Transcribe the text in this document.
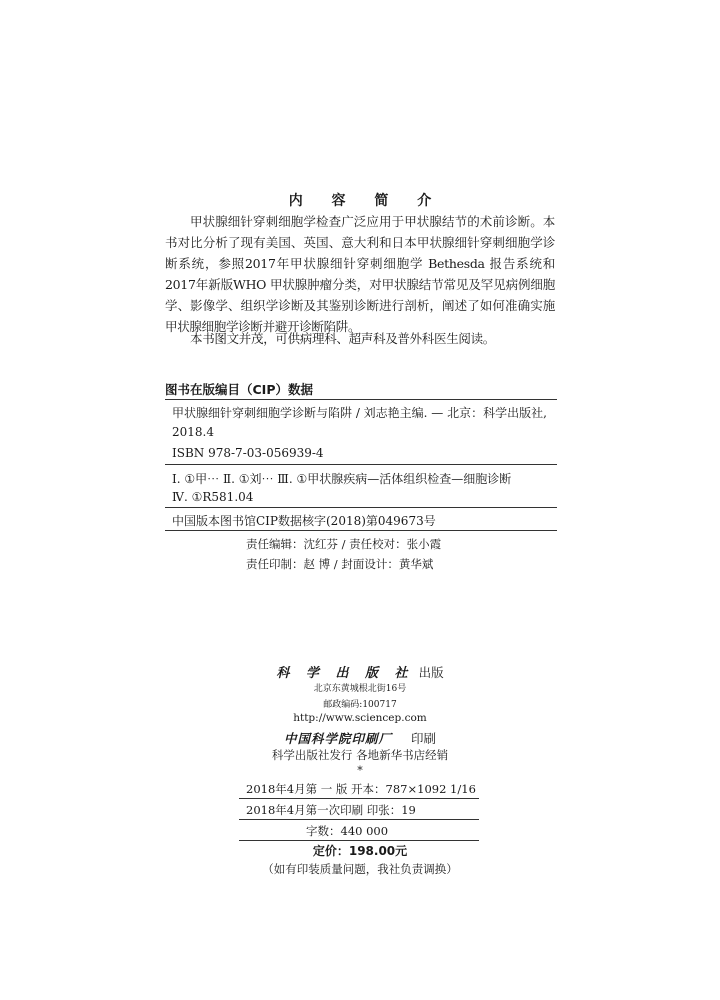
内 容 简 介
甲状腺细针穿刺细胞学检查广泛应用于甲状腺结节的术前诊断。本书对比分析了现有美国、英国、意大利和日本甲状腺细针穿刺细胞学诊断系统，参照2017年甲状腺细针穿刺细胞学 Bethesda 报告系统和2017年新版WHO 甲状腺肿瘤分类，对甲状腺结节常见及罕见病例细胞学、影像学、组织学诊断及其鉴别诊断进行剖析，阐述了如何准确实施甲状腺细胞学诊断并避开诊断陷阱。
本书图文并茂，可供病理科、超声科及普外科医生阅读。
图书在版编目（CIP）数据
甲状腺细针穿刺细胞学诊断与陷阱 / 刘志艳主编. — 北京：科学出版社,
2018.4
ISBN 978-7-03-056939-4
Ⅰ. ①甲⋯ Ⅱ. ①刘⋯ Ⅲ. ①甲状腺疾病—活体组织检查—细胞诊断
Ⅳ. ①R581.04
中国版本图书馆CIP数据核字(2018)第049673号
责任编辑：沈红芬 / 责任校对：张小霞
责任印制：赵 博 / 封面设计：黄华斌
科 学 出 版 社 出版
北京东黄城根北街16号
邮政编码:100717
http://www.sciencep.com
中国科学院印刷厂 印刷
科学出版社发行 各地新华书店经销
*
2018年4月第 一 版 开本：787×1092 1/16
2018年4月第一次印刷 印张：19
字数：440 000
定价：198.00元
（如有印装质量问题，我社负责调换）
